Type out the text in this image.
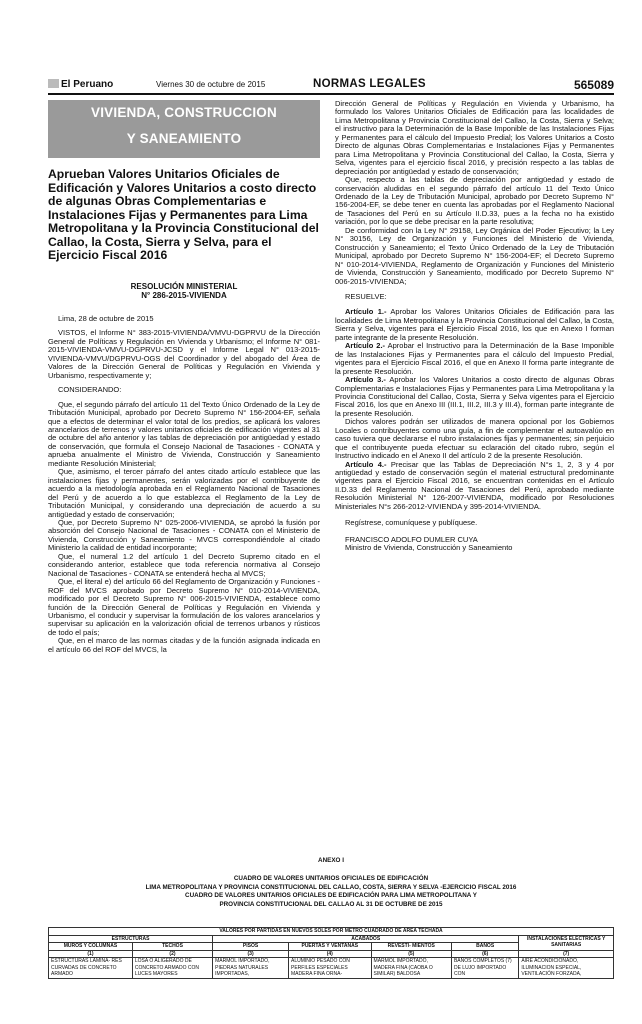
El Peruano	Viernes 30 de octubre de 2015	NORMAS LEGALES	565089
VIVIENDA, CONSTRUCCION
Y SANEAMIENTO
Aprueban Valores Unitarios Oficiales de Edificación y Valores Unitarios a costo directo de algunas Obras Complementarias e Instalaciones Fijas y Permanentes para Lima Metropolitana y la Provincia Constitucional del Callao, la Costa, Sierra y Selva, para el Ejercicio Fiscal 2016
RESOLUCIÓN MINISTERIAL
N° 286-2015-VIVIENDA

Lima, 28 de octubre de 2015

VISTOS, el Informe N° 383-2015-VIVIENDA/VMVU-DGPRVU de la Dirección General de Políticas y Regulación en Vivienda y Urbanismo; el Informe N° 081-2015-VIVIENDA-VMVU-DGPRVU-JCSD y el Informe Legal N° 013-2015-VIVIENDA-VMVU/DGPRVU-OGS del Coordinador y del abogado del Área de Valores de la Dirección General de Políticas y Regulación en Vivienda y Urbanismo, respectivamente y;

CONSIDERANDO:

Que, el segundo párrafo del artículo 11 del Texto Único Ordenado de la Ley de Tributación Municipal, aprobado por Decreto Supremo N° 156-2004-EF, señala que a efectos de determinar el valor total de los predios, se aplicará los valores arancelarios de terrenos y valores unitarios oficiales de edificación vigentes al 31 de octubre del año anterior y las tablas de depreciación por antigüedad y estado de conservación, que formula el Consejo Nacional de Tasaciones - CONATA y aprueba anualmente el Ministro de Vivienda, Construcción y Saneamiento mediante Resolución Ministerial;

Que, asimismo, el tercer párrafo del antes citado artículo establece que las instalaciones fijas y permanentes, serán valorizadas por el contribuyente de acuerdo a la metodología aprobada en el Reglamento Nacional de Tasaciones del Perú y de acuerdo a lo que establezca el Reglamento de la Ley de Tributación Municipal, y considerando una depreciación de acuerdo a su antigüedad y estado de conservación;

Que, por Decreto Supremo N° 025-2006-VIVIENDA, se aprobó la fusión por absorción del Consejo Nacional de Tasaciones - CONATA con el Ministerio de Vivienda, Construcción y Saneamiento - MVCS correspondiéndole al citado Ministerio la calidad de entidad incorporante;

Que, el numeral 1.2 del artículo 1 del Decreto Supremo citado en el considerando anterior, establece que toda referencia normativa al Consejo Nacional de Tasaciones - CONATA se entenderá hecha al MVCS;

Que, el literal e) del artículo 66 del Reglamento de Organización y Funciones - ROF del MVCS aprobado por Decreto Supremo N° 010-2014-VIVIENDA, modificado por el Decreto Supremo N° 006-2015-VIVIENDA, establece como función de la Dirección General de Políticas y Regulación en Vivienda y Urbanismo, el conducir y supervisar la formulación de los valores arancelarios y supervisar su aplicación en la valorización oficial de terrenos urbanos y rústicos de todo el país;

Que, en el marco de las normas citadas y de la función asignada indicada en el artículo 66 del ROF del MVCS, la

Dirección General de Políticas y Regulación en Vivienda y Urbanismo, ha formulado los Valores Unitarios Oficiales de Edificación para las localidades de Lima Metropolitana y Provincia Constitucional del Callao, la Costa, Sierra y Selva; el instructivo para la Determinación de la Base Imponible de las Instalaciones Fijas y Permanentes para el cálculo del Impuesto Predial; los Valores Unitarios a Costo Directo de algunas Obras Complementarias e Instalaciones Fijas y Permanentes para Lima Metropolitana y Provincia Constitucional del Callao, la Costa, Sierra y Selva, vigentes para el ejercicio fiscal 2016, y precisión respecto a las tablas de depreciación por antigüedad y estado de conservación;

Que, respecto a las tablas de depreciación por antigüedad y estado de conservación aludidas en el segundo párrafo del artículo 11 del Texto Único Ordenado de la Ley de Tributación Municipal, aprobado por Decreto Supremo N° 156-2004-EF, se debe tener en cuenta las aprobadas por el Reglamento Nacional de Tasaciones del Perú en su Artículo II.D.33, pues a la fecha no ha existido variación, por lo que se debe precisar en la parte resolutiva;

De conformidad con la Ley N° 29158, Ley Orgánica del Poder Ejecutivo; la Ley N° 30156, Ley de Organización y Funciones del Ministerio de Vivienda, Construcción y Saneamiento; el Texto Único Ordenado de la Ley de Tributación Municipal, aprobado por Decreto Supremo N° 156-2004-EF; el Decreto Supremo N° 010-2014-VIVIENDA, Reglamento de Organización y Funciones del Ministerio de Vivienda, Construcción y Saneamiento, modificado por Decreto Supremo N° 006-2015-VIVIENDA;

RESUELVE:

Artículo 1.- Aprobar los Valores Unitarios Oficiales de Edificación para las localidades de Lima Metropolitana y la Provincia Constitucional del Callao, la Costa, Sierra y Selva, vigentes para el Ejercicio Fiscal 2016, los que en Anexo I forman parte integrante de la presente Resolución.

Artículo 2.- Aprobar el Instructivo para la Determinación de la Base Imponible de las Instalaciones Fijas y Permanentes para el cálculo del Impuesto Predial, vigentes para el Ejercicio Fiscal 2016, el que en Anexo II forma parte integrante de la presente Resolución.

Artículo 3.- Aprobar los Valores Unitarios a costo directo de algunas Obras Complementarias e Instalaciones Fijas y Permanentes para Lima Metropolitana y la Provincia Constitucional del Callao, Costa, Sierra y Selva vigentes para el Ejercicio Fiscal 2016, los que en Anexo III (III.1, III.2, III.3 y III.4), forman parte integrante de la presente Resolución.

Dichos valores podrán ser utilizados de manera opcional por los Gobiernos Locales o contribuyentes como una guía, a fin de complementar el autoavalúo en caso tuviera que declararse el rubro instalaciones fijas y permanentes; sin perjuicio que el contribuyente pueda efectuar su eclaración del citado rubro, según el Instructivo indicado en el Anexo II del artículo 2 de la presente Resolución.

Artículo 4.- Precisar que las Tablas de Depreciación N°s 1, 2, 3 y 4 por antigüedad y estado de conservación según el material estructural predominante vigentes para el Ejercicio Fiscal 2016, se encuentran contenidas en el Artículo II.D.33 del Reglamento Nacional de Tasaciones del Perú, aprobado mediante Resolución Ministerial N° 126-2007-VIVIENDA, modificado por Resoluciones Ministeriales N°s 266-2012-VIVIENDA y 395-2014-VIVIENDA.

Regístrese, comuníquese y publíquese.

FRANCISCO ADOLFO DUMLER CUYA

Ministro de Vivienda, Construcción y Saneamiento

ANEXO I
CUADRO DE VALORES UNITARIOS OFICIALES DE EDIFICACIÓN
LIMA METROPOLITANA Y PROVINCIA CONSTITUCIONAL DEL CALLAO, COSTA, SIERRA Y SELVA -EJERCICIO FISCAL 2016
CUADRO DE VALORES UNITARIOS OFICIALES DE EDIFICACIÓN PARA LIMA METROPOLITANA Y
PROVINCIA CONSTITUCIONAL DEL CALLAO AL 31 DE OCTUBRE DE 2015
VALORES POR PARTIDAS EN NUEVOS SOLES POR METRO CUADRADO DE AREA TECHADA						
ESTRUCTURAS		ACABADOS				INSTALACIONES ELECTRICAS Y SANITARIAS
MUROS Y COLUMNAS	TECHOS	PISOS	PUERTAS Y VENTANAS	REVESTI- MIENTOS	BAÑOS	
(1)	(2)	(3)	(4)	(5)	(6)	(7)
ESTRUCTURAS LAMINA- RES CURVADAS DE CONCRETO ARMADO	LOSA O ALIGERADO DE CONCRETO ARMADO CON LUCES MAYORES	MÁRMOL IMPORTADO, PIEDRAS NATURALES IMPORTADAS,	ALUMINIO PESADO CON PERFILES ESPECIALES MADERA FINA ORNA-	MÁRMOL IMPORTADO, MADERA FINA (CAOBA O SIMILAR) BALDOSA	BAÑOS COMPLETOS (7) DE LUJO IMPORTADO CON	AIRE ACONDICIONADO, ILUMINACION ESPECIAL, VENTILACIÓN FORZADA,
